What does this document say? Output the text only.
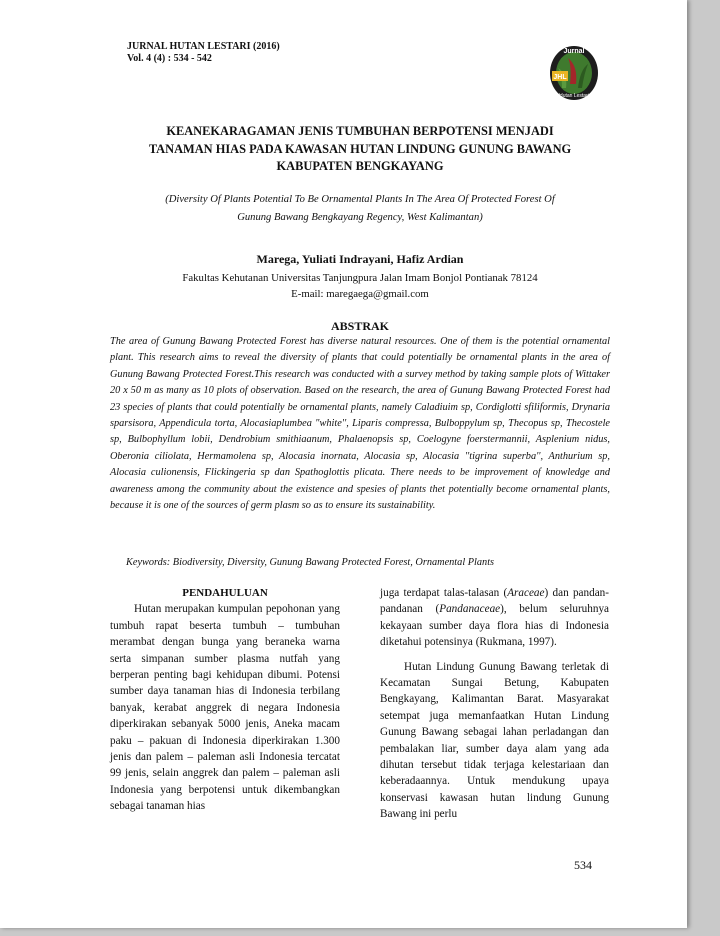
JURNAL HUTAN LESTARI (2016)
Vol. 4 (4) : 534 - 542
JHL
Jurnal
Hutan Lestari
KEANEKARAGAMAN JENIS TUMBUHAN BERPOTENSI MENJADI
TANAMAN HIAS PADA KAWASAN HUTAN LINDUNG GUNUNG BAWANG
KABUPATEN BENGKAYANG
(Diversity Of Plants Potential To Be Ornamental Plants In The Area Of Protected Forest Of
Gunung Bawang Bengkayang Regency, West Kalimantan)
Marega, Yuliati Indrayani, Hafiz Ardian
Fakultas Kehutanan Universitas Tanjungpura Jalan Imam Bonjol Pontianak 78124
E-mail: maregaega@gmail.com
ABSTRAK
The area of Gunung Bawang Protected Forest has diverse natural resources. One of them is the potential ornamental plant. This research aims to reveal the diversity of plants that could potentially be ornamental plants in the area of Gunung Bawang Protected Forest.This research was conducted with a survey method by taking sample plots of Wittaker 20 x 50 m as many as 10 plots of observation. Based on the research, the area of Gunung Bawang Protected Forest had 23 species of plants that could potentially be ornamental plants, namely Caladiuim sp, Cordiglotti sfiliformis, Drynaria sparsisora, Appendicula torta, Alocasiaplumbea "white'', Liparis compressa, Bulboppylum sp, Thecopus sp, Thecostele sp, Bulbophyllum lobii, Dendrobium smithiaanum, Phalaenopsis sp, Coelogyne foerstermannii, Asplenium nidus, Oberonia ciliolata, Hermamolena sp, Alocasia inornata, Alocasia sp, Alocasia ''tigrina superba'', Anthurium sp, Alocasia culionensis, Flickingeria sp dan Spathoglottis plicata. There needs to be improvement of knowledge and awareness among the community about the existence and spesies of plants thet potentially become ornamental plants, because it is one of the sources of germ plasm so as to ensure its sustainability.
Keywords: Biodiversity, Diversity, Gunung Bawang Protected Forest, Ornamental Plants
PENDAHULUAN

Hutan merupakan kumpulan pepohonan yang tumbuh rapat beserta tumbuh – tumbuhan merambat dengan bunga yang beraneka warna serta simpanan sumber plasma nutfah yang berperan penting bagi kehidupan dibumi. Potensi sumber daya tanaman hias di Indonesia terbilang banyak, kerabat anggrek di negara Indonesia diperkirakan sebanyak 5000 jenis, Aneka macam paku – pakuan di Indonesia diperkirakan 1.300 jenis dan palem – paleman asli Indonesia tercatat 99 jenis, selain anggrek dan palem – paleman asli Indonesia yang berpotensi untuk dikembangkan sebagai tanaman hias

juga terdapat talas-talasan (Araceae) dan pandan-pandanan (Pandanaceae), belum seluruhnya kekayaan sumber daya flora hias di Indonesia diketahui potensinya (Rukmana, 1997).

Hutan Lindung Gunung Bawang terletak di Kecamatan Sungai Betung, Kabupaten Bengkayang, Kalimantan Barat. Masyarakat setempat juga memanfaatkan Hutan Lindung Gunung Bawang sebagai lahan perladangan dan pembalakan liar, sumber daya alam yang ada dihutan tersebut tidak terjaga kelestariaan dan keberadaannya. Untuk mendukung upaya konservasi kawasan hutan lindung Gunung Bawang ini perlu

534
